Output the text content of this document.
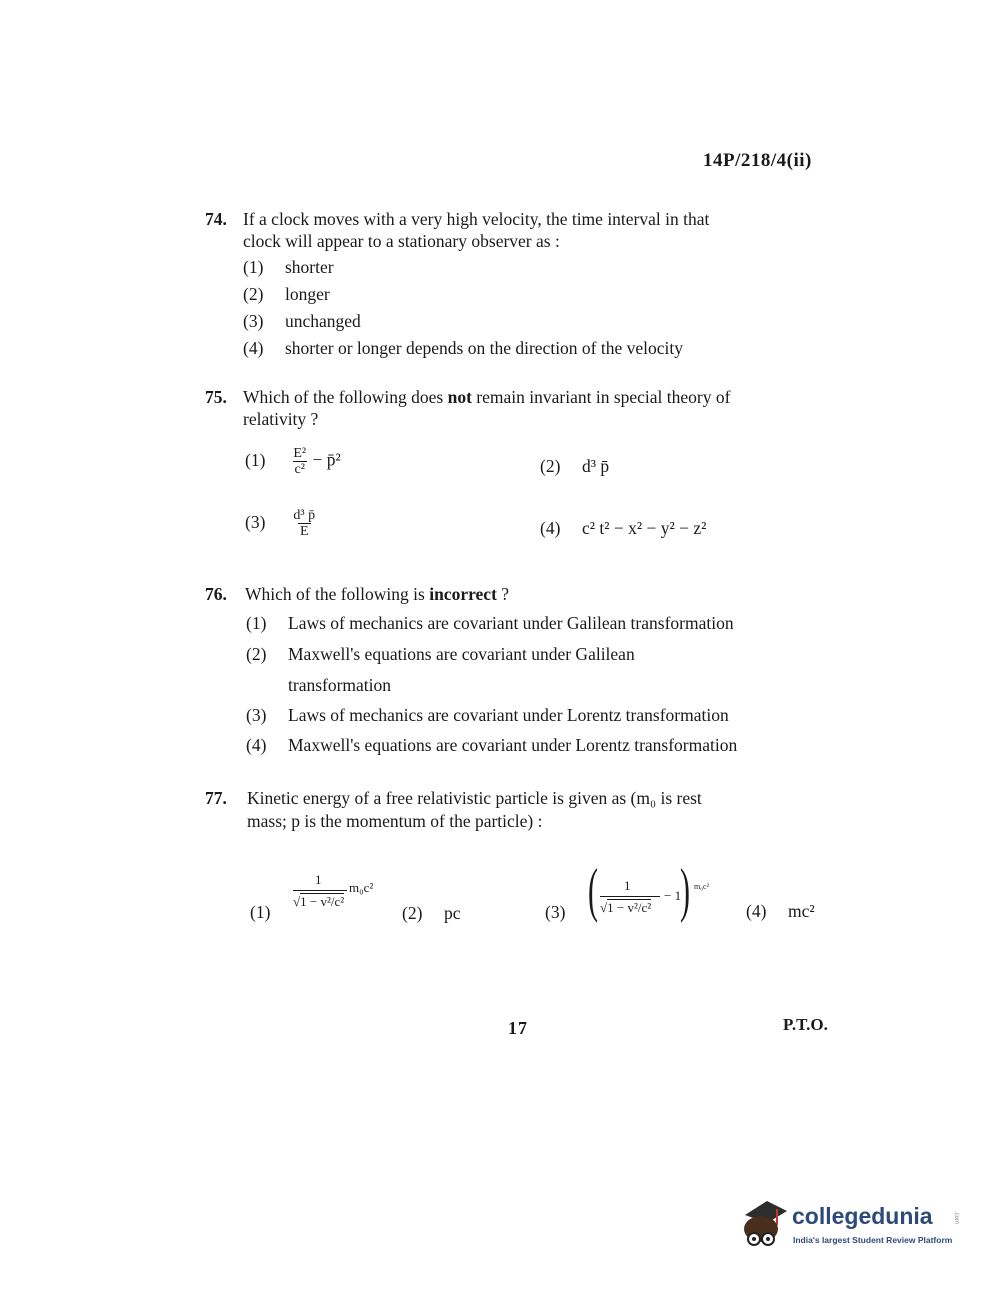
14P/218/4(ii)
74. If a clock moves with a very high velocity, the time interval in that
clock will appear to a stationary observer as :
(1) shorter
(2) longer
(3) unchanged
(4) shorter or longer depends on the direction of the velocity
75. Which of the following does not remain invariant in special theory of
relativity ?
$(1) \frac{\text{E²}}{\text{c²}}$ − p̄²	(2) d³ p̄
$(3) \frac{\text{d³ p̄}}{E}$	(4) c² t² − x² − y² − z²
76. Which of the following is incorrect ?
(1) Laws of mechanics are covariant under Galilean transformation
(2) Maxwell's equations are covariant under Galilean
transformation
(3) Laws of mechanics are covariant under Lorentz transformation
(4) Maxwell's equations are covariant under Lorentz transformation
77. Kinetic energy of a free relativistic particle is given as (m₀ is rest
mass; p is the momentum of the particle) :
(1)
1
m₀c²
√1 − v²/c²
(2) pc	(3) ( 1
√1 − v²/c²
− 1
) m₀c²
(4) mc²
17	P.T.O.
collegedunia	.com
India's largest Student Review Platform
